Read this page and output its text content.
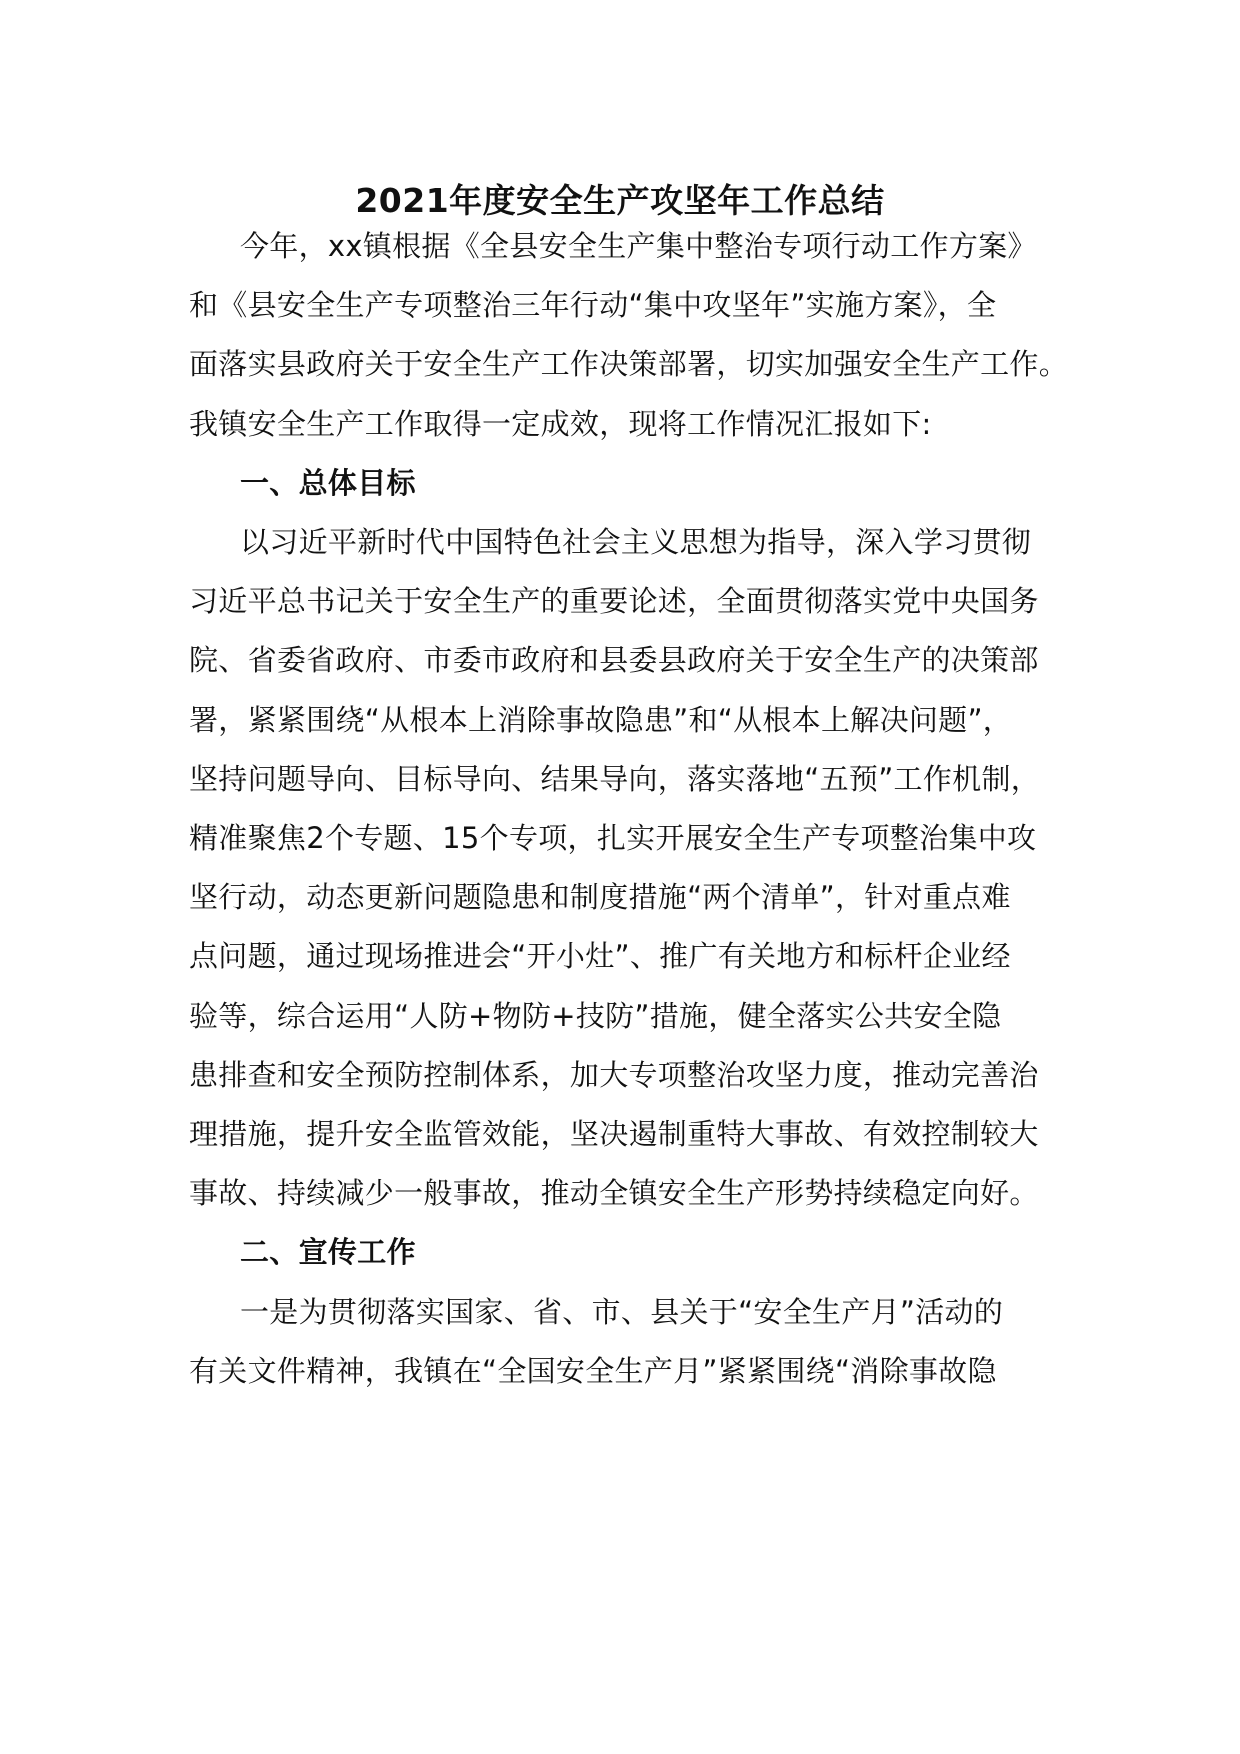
2021年度安全生产攻坚年工作总结
今年，xx镇根据《全县安全生产集中整治专项行动工作方案》
和《县安全生产专项整治三年行动“集中攻坚年”实施方案》，全
面落实县政府关于安全生产工作决策部署，切实加强安全生产工作。
我镇安全生产工作取得一定成效，现将工作情况汇报如下:
一、总体目标
以习近平新时代中国特色社会主义思想为指导，深入学习贯彻
习近平总书记关于安全生产的重要论述，全面贯彻落实党中央国务
院、省委省政府、市委市政府和县委县政府关于安全生产的决策部
署，紧紧围绕“从根本上消除事故隐患”和“从根本上解决问题”，
坚持问题导向、目标导向、结果导向，落实落地“五预”工作机制，
精准聚焦2个专题、15个专项，扎实开展安全生产专项整治集中攻
坚行动，动态更新问题隐患和制度措施“两个清单”，针对重点难
点问题，通过现场推进会“开小灶”、推广有关地方和标杆企业经
验等，综合运用“人防+物防+技防”措施，健全落实公共安全隐
患排查和安全预防控制体系，加大专项整治攻坚力度，推动完善治
理措施，提升安全监管效能，坚决遏制重特大事故、有效控制较大
事故、持续减少一般事故，推动全镇安全生产形势持续稳定向好。
二、宣传工作
一是为贯彻落实国家、省、市、县关于“安全生产月”活动的
有关文件精神，我镇在“全国安全生产月”紧紧围绕“消除事故隐
